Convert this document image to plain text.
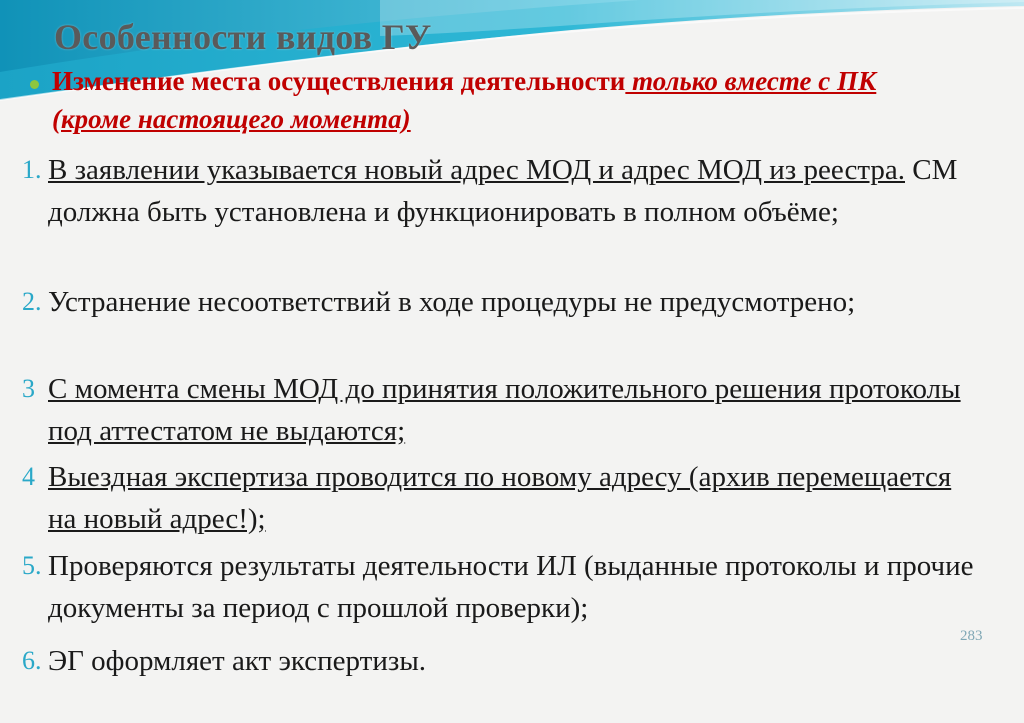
Особенности видов ГУ
Изменение места осуществления деятельности только вместе с ПК (кроме настоящего момента)
1. В заявлении указывается новый адрес МОД и адрес МОД из реестра. СМ должна быть установлена и функционировать в полном объёме;
2. Устранение несоответствий в ходе процедуры не предусмотрено;
3 С момента смены МОД до принятия положительного решения протоколы под аттестатом не выдаются;
4 Выездная экспертиза проводится по новому адресу (архив перемещается на новый адрес!);
5. Проверяются результаты деятельности ИЛ (выданные протоколы и прочие документы за период с прошлой проверки);
6. ЭГ оформляет акт экспертизы.
283
